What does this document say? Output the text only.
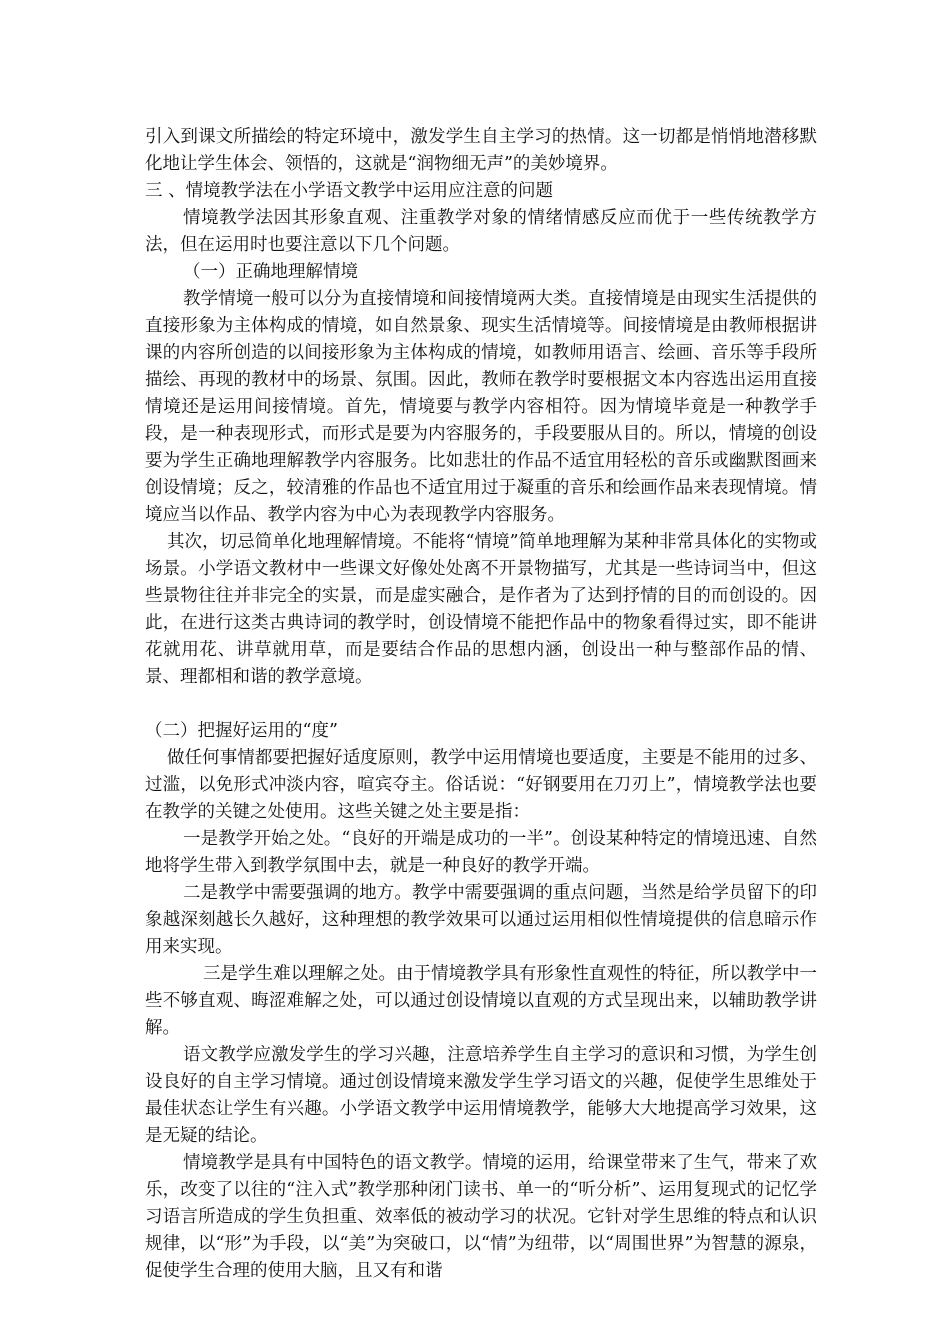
引入到课文所描绘的特定环境中，激发学生自主学习的热情。这一切都是悄悄地潜移默化地让学生体会、领悟的，这就是“润物细无声”的美妙境界。

三 、情境教学法在小学语文教学中运用应注意的问题

情境教学法因其形象直观、注重教学对象的情绪情感反应而优于一些传统教学方法，但在运用时也要注意以下几个问题。

（一）正确地理解情境

教学情境一般可以分为直接情境和间接情境两大类。直接情境是由现实生活提供的直接形象为主体构成的情境，如自然景象、现实生活情境等。间接情境是由教师根据讲课的内容所创造的以间接形象为主体构成的情境，如教师用语言、绘画、音乐等手段所描绘、再现的教材中的场景、氛围。因此，教师在教学时要根据文本内容选出运用直接情境还是运用间接情境。首先，情境要与教学内容相符。因为情境毕竟是一种教学手段，是一种表现形式，而形式是要为内容服务的，手段要服从目的。所以，情境的创设要为学生正确地理解教学内容服务。比如悲壮的作品不适宜用轻松的音乐或幽默图画来创设情境；反之，较清雅的作品也不适宜用过于凝重的音乐和绘画作品来表现情境。情境应当以作品、教学内容为中心为表现教学内容服务。

其次，切忌简单化地理解情境。不能将“情境”简单地理解为某种非常具体化的实物或场景。小学语文教材中一些课文好像处处离不开景物描写，尤其是一些诗词当中，但这些景物往往并非完全的实景，而是虚实融合，是作者为了达到抒情的目的而创设的。因此，在进行这类古典诗词的教学时，创设情境不能把作品中的物象看得过实，即不能讲花就用花、讲草就用草，而是要结合作品的思想内涵，创设出一种与整部作品的情、景、理都相和谐的教学意境。

（二）把握好运用的“度”

做任何事情都要把握好适度原则，教学中运用情境也要适度，主要是不能用的过多、过滥，以免形式冲淡内容，喧宾夺主。俗话说：“好钢要用在刀刃上”，情境教学法也要在教学的关键之处使用。这些关键之处主要是指：

一是教学开始之处。“良好的开端是成功的一半”。创设某种特定的情境迅速、自然地将学生带入到教学氛围中去，就是一种良好的教学开端。

二是教学中需要强调的地方。教学中需要强调的重点问题，当然是给学员留下的印象越深刻越长久越好，这种理想的教学效果可以通过运用相似性情境提供的信息暗示作用来实现。

三是学生难以理解之处。由于情境教学具有形象性直观性的特征，所以教学中一些不够直观、晦涩难解之处，可以通过创设情境以直观的方式呈现出来，以辅助教学讲解。

语文教学应激发学生的学习兴趣，注意培养学生自主学习的意识和习惯，为学生创设良好的自主学习情境。通过创设情境来激发学生学习语文的兴趣，促使学生思维处于最佳状态让学生有兴趣。小学语文教学中运用情境教学，能够大大地提高学习效果，这是无疑的结论。

情境教学是具有中国特色的语文教学。情境的运用，给课堂带来了生气，带来了欢乐，改变了以往的“注入式”教学那种闭门读书、单一的“听分析”、运用复现式的记忆学习语言所造成的学生负担重、效率低的被动学习的状况。它针对学生思维的特点和认识规律，以“形”为手段，以“美”为突破口，以“情”为纽带，以“周围世界”为智慧的源泉，促使学生合理的使用大脑，且又有和谐
